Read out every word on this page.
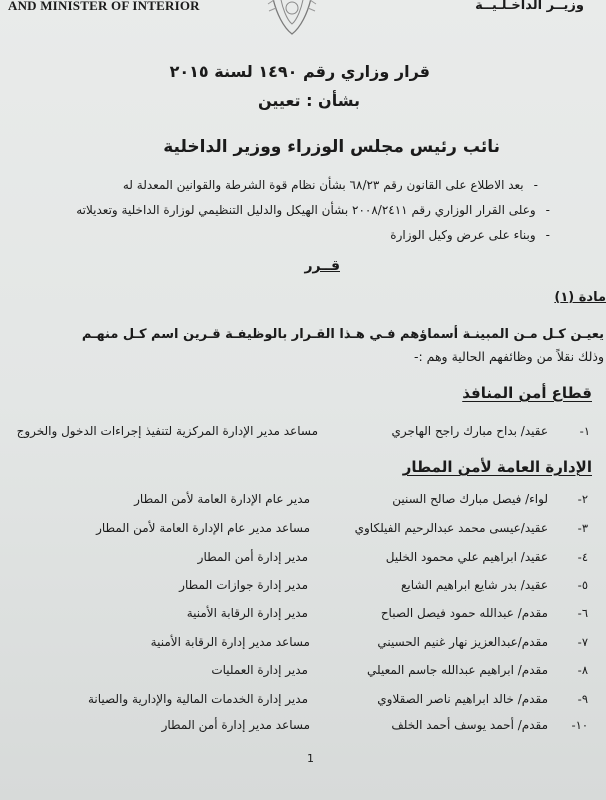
AND MINISTER OF INTERIOR	وزيــر الداخـلـيــة
قرار وزاري رقم ١٤٩٠ لسنة ٢٠١٥
بشأن : تعيين
نائب رئيس مجلس الوزراء ووزير الداخلية
-بعد الاطلاع على القانون رقم ٦٨/٢٣ بشأن نظام قوة الشرطة والقوانين المعدلة له
-وعلى القرار الوزاري رقم ٢٠٠٨/٢٤١١ بشأن الهيكل والدليل التنظيمي لوزارة الداخلية وتعديلاته
-وبناء على عرض وكيل الوزارة
قــرر
مادة (١)
يعيـن كـل مـن المبينـة أسماؤهم فـي هـذا القـرار بالوظيفـة قـرين اسم كـل منهـم
وذلك نقلاً من وظائفهم الحالية وهم :-
قطاع أمن المنافذ
١-
عقيد/ بداح مبارك راجح الهاجري
مساعد مدير الإدارة المركزية لتنفيذ إجراءات الدخول والخروج
الإدارة العامة لأمن المطار
٢-
لواء/ فيصل مبارك صالح السنين
مدير عام الإدارة العامة لأمن المطار
٣-
عقيد/عيسى محمد عبدالرحيم الفيلكاوي
مساعد مدير عام الإدارة العامة لأمن المطار
٤-
عقيد/ ابراهيم علي محمود الخليل
مدير إدارة أمن المطار
٥-
عقيد/ بدر شايع ابراهيم الشايع
مدير إدارة جوازات المطار
٦-
مقدم/ عبدالله حمود فيصل الصباح
مدير إدارة الرقابة الأمنية
٧-
مقدم/عبدالعزيز نهار غنيم الحسيني
مساعد مدير إدارة الرقابة الأمنية
٨-
مقدم/ ابراهيم عبدالله جاسم المعيلي
مدير إدارة العمليات
٩-
مقدم/ خالد ابراهيم ناصر الصقلاوي
مدير إدارة الخدمات المالية والإدارية والصيانة
١٠-
مقدم/ أحمد يوسف أحمد الخلف
مساعد مدير إدارة أمن المطار
1
